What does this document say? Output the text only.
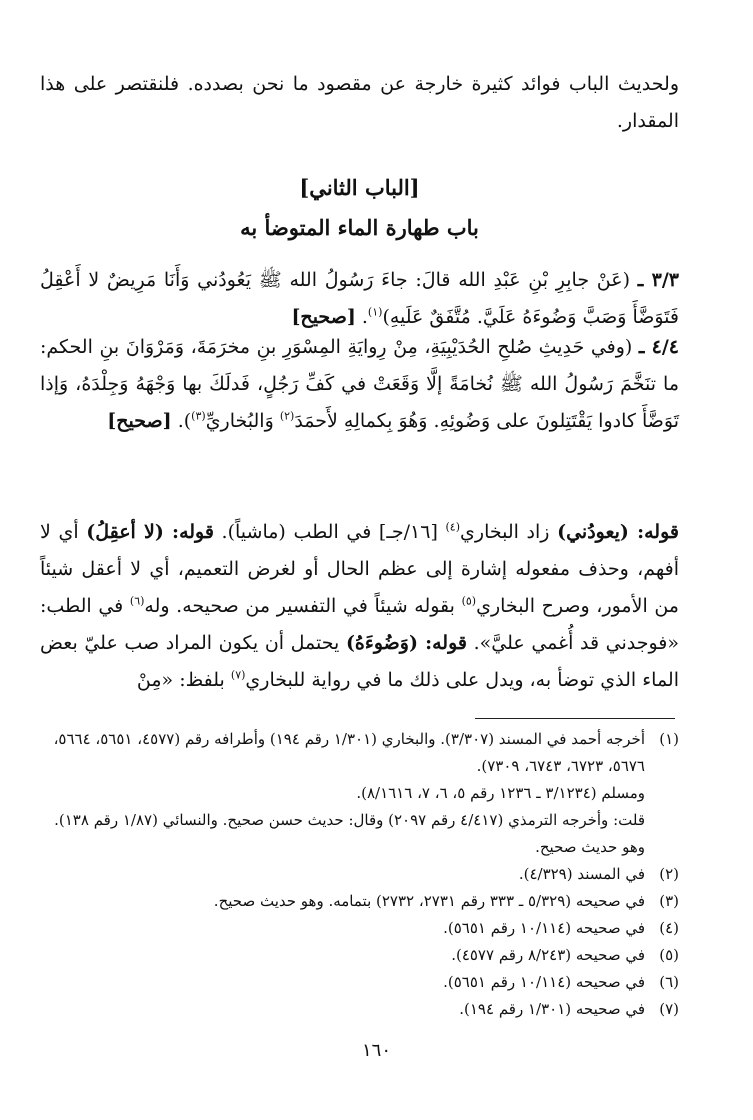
ولحديث الباب فوائد كثيرة خارجة عن مقصود ما نحن بصدده. فلنقتصر على هذا المقدار.
[الباب الثاني]
باب طهارة الماء المتوضأ به
٣/٣ ـ (عَنْ جابِرِ بْنِ عَبْدِ الله قالَ: جاءَ رَسُولُ الله ﷺ يَعُودُني وَأَنَا مَرِيضٌ لا أَعْقِلُ فَتَوَضَّأَ وَصَبَّ وَضُوءَهُ عَلَيَّ. مُتَّفَقٌ عَلَيهِ)$^{(١)}$. [صحيح]
٤/٤ ـ (وفي حَدِيثِ صُلحِ الحُدَيْبِيَةِ، مِنْ رِوايَةِ المِسْوَرِ بنِ مخرَمَةَ، وَمَرْوَانَ بنِ الحكم: ما تنَخَّمَ رَسُولُ الله ﷺ نُخامَةً إلَّا وَقَعَتْ في كَفِّ رَجُلٍ، فَدلَكَ بها وَجْهَهُ وَجِلْدَهُ، وَإذا تَوَضَّأَ كادوا يَقْتَتِلونَ على وَضُوئِهِ. وَهُوَ بِكمالِهِ لأَحمَدَ$^{(٢)}$ وَالبُخاريِّ$^{(٣)}$). [صحيح]
قوله: (يعودُني) زاد البخاري$^{(٤)}$ [١٦/جـ] في الطب (ماشياً). قوله: (لا أعقِلُ) أي لا أفهم، وحذف مفعوله إشارة إلى عظم الحال أو لغرض التعميم، أي لا أعقل شيئاً من الأمور، وصرح البخاري$^{(٥)}$ بقوله شيئاً في التفسير من صحيحه. وله$^{(٦)}$ في الطب: «فوجدني قد أُغمي عليَّ». قوله: (وَضُوءَهُ) يحتمل أن يكون المراد صب عليّ بعض الماء الذي توضأ به، ويدل على ذلك ما في رواية للبخاري$^{(٧)}$ بلفظ: «مِنْ
(١)
أخرجه أحمد في المسند (٣/٣٠٧). والبخاري (١/٣٠١ رقم ١٩٤) وأطرافه رقم (٤٥٧٧، ٥٦٥١، ٥٦٦٤، ٥٦٧٦، ٦٧٢٣، ٦٧٤٣، ٧٣٠٩).
ومسلم (٣/١٢٣٤ ـ ١٢٣٦ رقم ٥، ٦، ٧، ٨/١٦١٦).
قلت: وأخرجه الترمذي (٤/٤١٧ رقم ٢٠٩٧) وقال: حديث حسن صحيح. والنسائي (١/٨٧ رقم ١٣٨). وهو حديث صحيح.
(٢)
في المسند (٤/٣٢٩).
(٣)
في صحيحه (٥/٣٢٩ ـ ٣٣٣ رقم ٢٧٣١، ٢٧٣٢) بتمامه. وهو حديث صحيح.
(٤)
في صحيحه (١٠/١١٤ رقم ٥٦٥١).
(٥)
في صحيحه (٨/٢٤٣ رقم ٤٥٧٧).
(٦)
في صحيحه (١٠/١١٤ رقم ٥٦٥١).
(٧)
في صحيحه (١/٣٠١ رقم ١٩٤).
١٦٠
